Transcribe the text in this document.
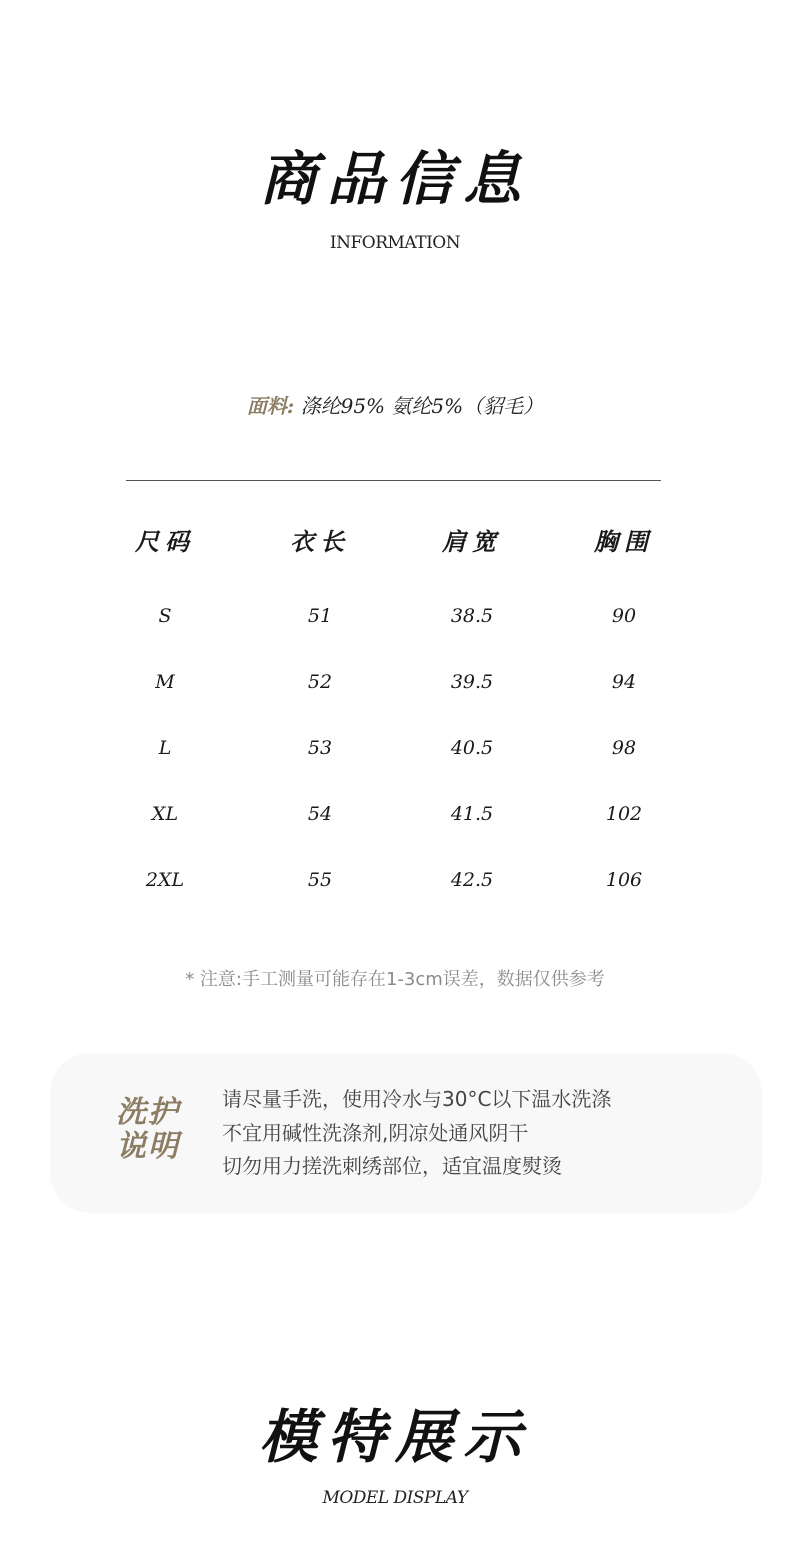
商品信息
INFORMATION
面料: 涤纶95% 氨纶5%（貂毛）
尺码	衣长	肩宽	胸围
S	51	38.5	90
M	52	39.5	94
L	53	40.5	98
XL	54	41.5	102
2XL	55	42.5	106
* 注意:手工测量可能存在1-3cm误差，数据仅供参考
洗护
说明
请尽量手洗，使用冷水与30°C以下温水洗涤
不宜用碱性洗涤剂,阴凉处通风阴干
切勿用力搓洗刺绣部位，适宜温度熨烫
模特展示
MODEL DISPLAY
